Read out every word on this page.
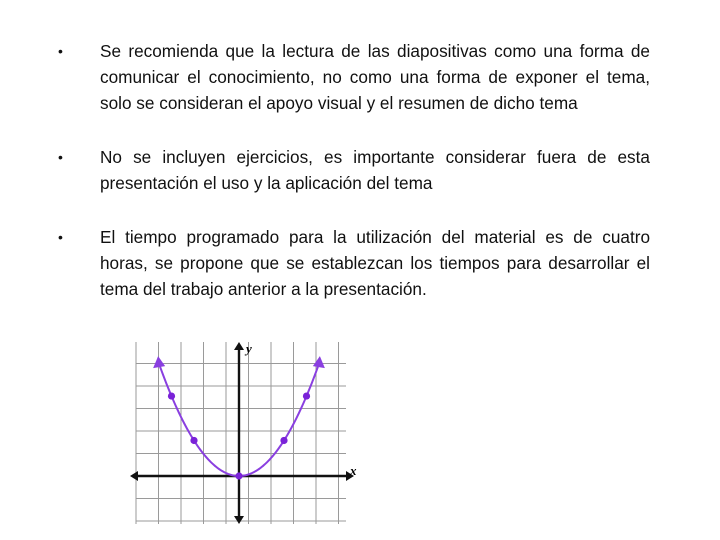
• Se recomienda que la lectura de las diapositivas como una forma de comunicar el conocimiento, no como una forma de exponer el tema, solo se consideran el apoyo visual y el resumen de dicho tema
• No se incluyen ejercicios, es importante considerar fuera de esta presentación el uso y la aplicación del tema
• El tiempo programado para la utilización del material es de cuatro horas, se propone que se establezcan los tiempos para desarrollar el tema del trabajo anterior a la presentación.
y
x
